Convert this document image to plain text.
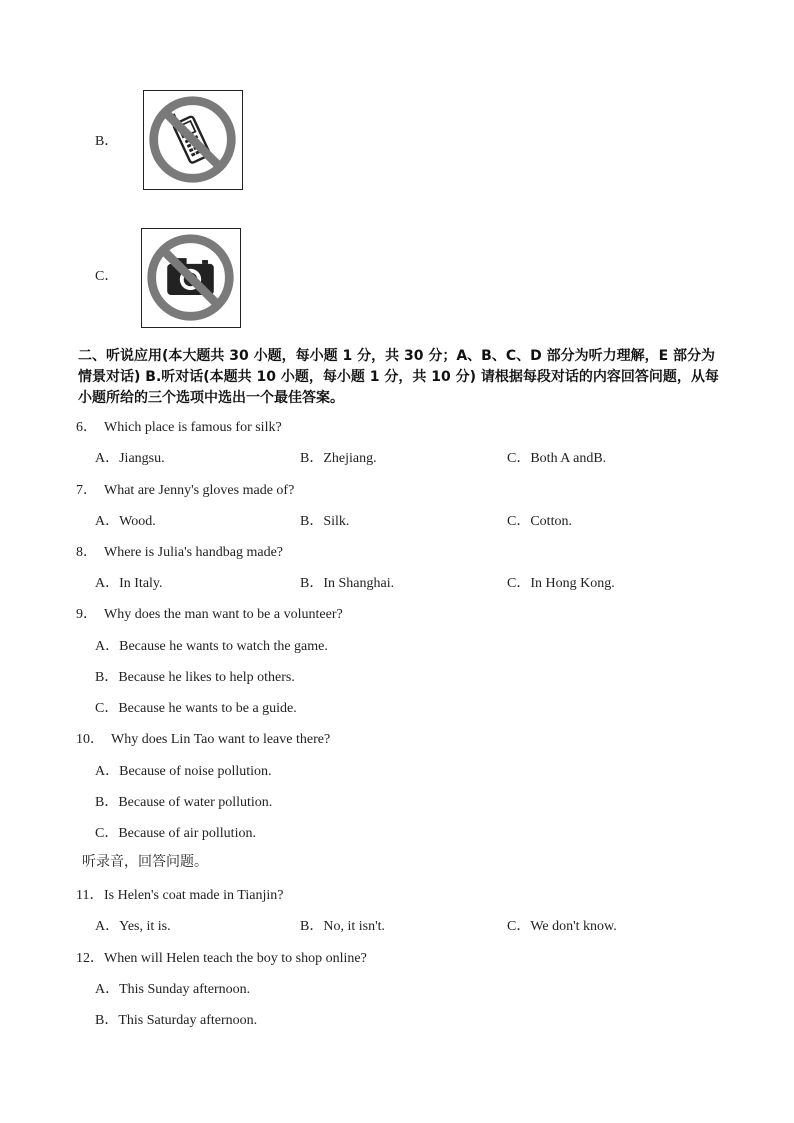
B．
C．
二、听说应用(本大题共 30 小题，每小题 1 分，共 30 分；A、B、C、D 部分为听力理解，E 部分为情景对话) B.听对话(本题共 10 小题，每小题 1 分，共 10 分) 请根据每段对话的内容回答问题，从每小题所给的三个选项中选出一个最佳答案。
6． Which place is famous for silk?
A．Jiangsu.	B．Zhejiang.	C．Both A andB.
7． What are Jenny's gloves made of?
A．Wood.	B．Silk.	C．Cotton.
8． Where is Julia's handbag made?
A．In Italy.	B．In Shanghai.	C．In Hong Kong.
9． Why does the man want to be a volunteer?
A．Because he wants to watch the game.
B．Because he likes to help others.
C．Because he wants to be a guide.
10． Why does Lin Tao want to leave there?
A．Because of noise pollution.
B．Because of water pollution.
C．Because of air pollution.
听录音，回答问题。
11．Is Helen's coat made in Tianjin?
A．Yes, it is.	B．No, it isn't.	C．We don't know.
12．When will Helen teach the boy to shop online?
A．This Sunday afternoon.
B．This Saturday afternoon.
